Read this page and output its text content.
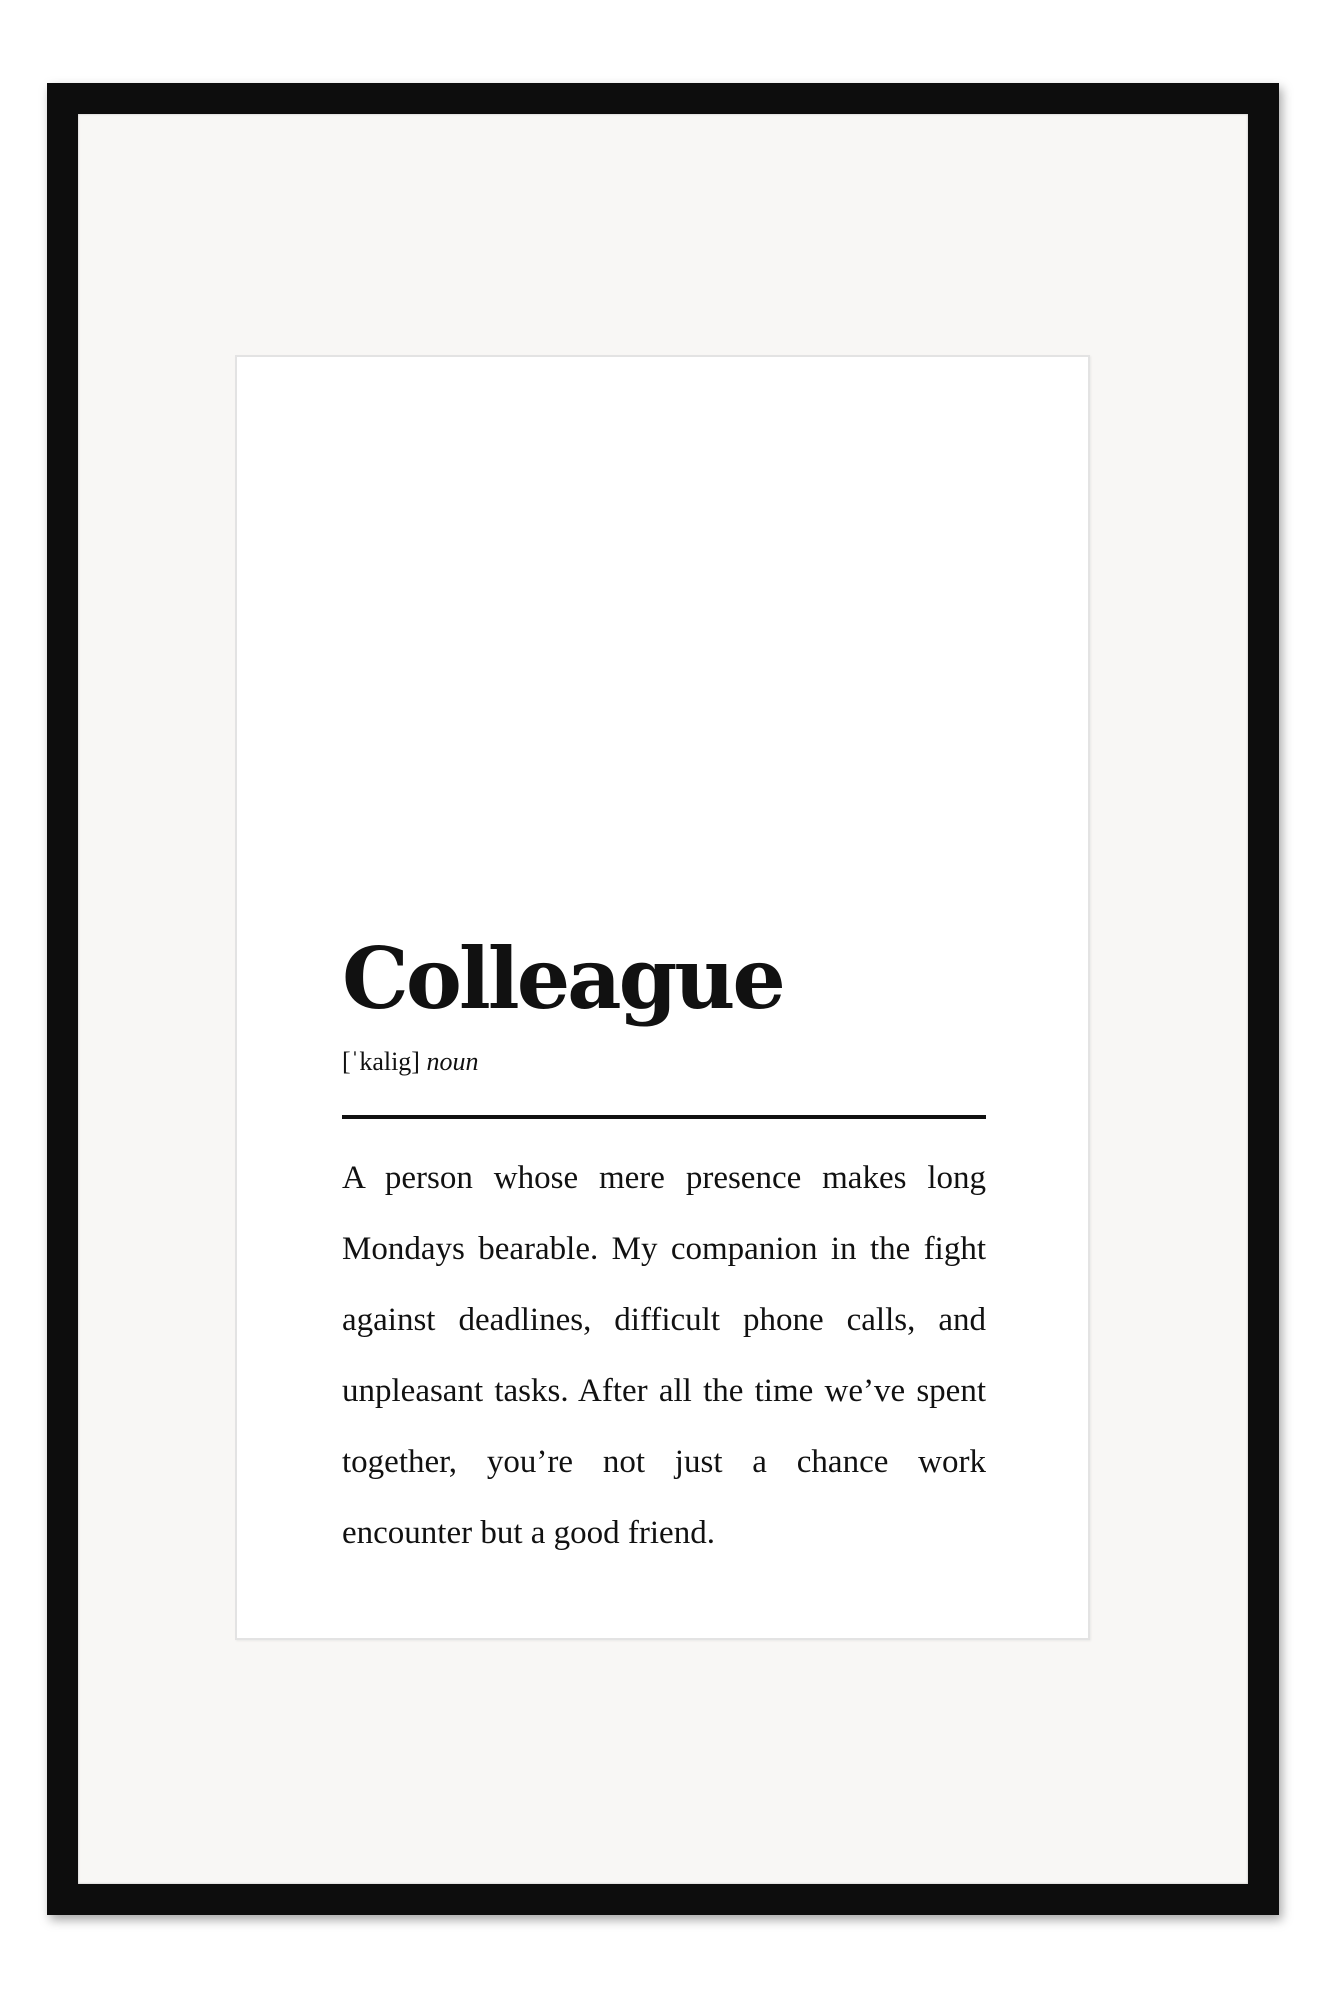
Colleague
[ˈkalig] noun

A person whose mere presence makes long Mondays bearable. My companion in the fight against deadlines, difficult phone calls, and unpleasant tasks. After all the time we’ve spent together, you’re not just a chance work encounter but a good friend.
